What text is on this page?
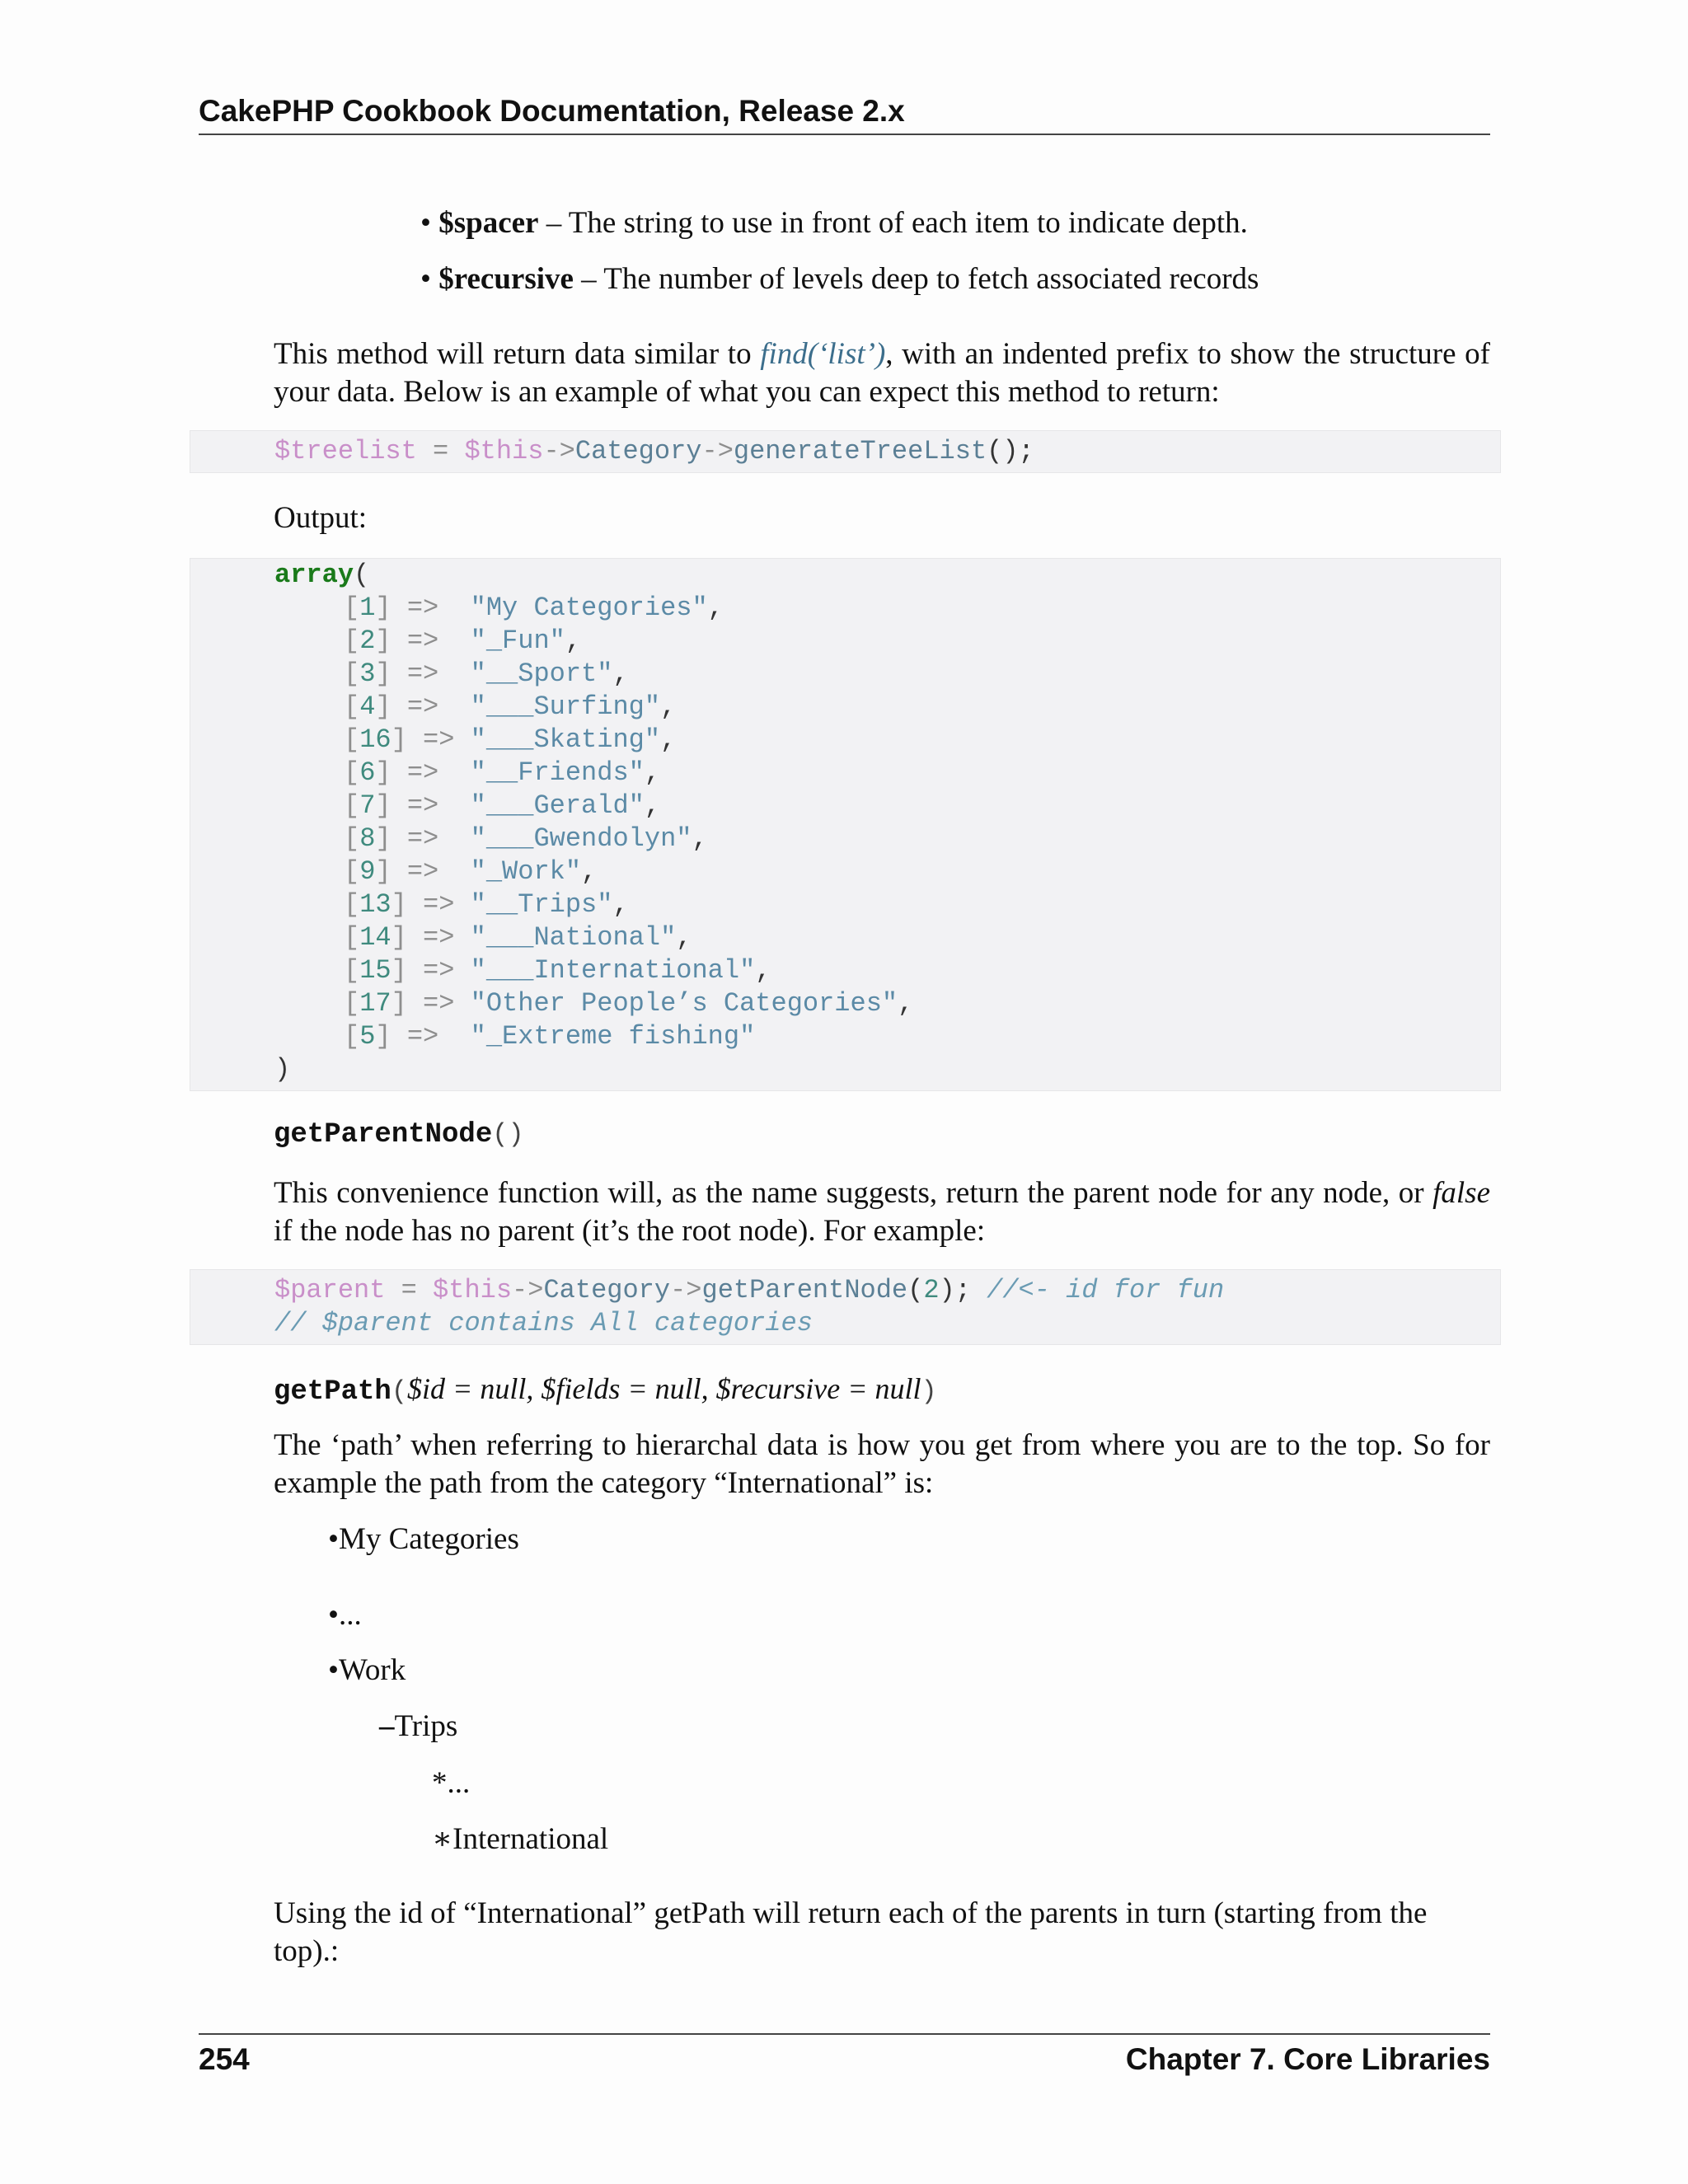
CakePHP Cookbook Documentation, Release 2.x
• $spacer – The string to use in front of each item to indicate depth.
• $recursive – The number of levels deep to fetch associated records
This method will return data similar to find(‘list’), with an indented prefix to show the structure of your data. Below is an example of what you can expect this method to return:
$treelist = $this->Category->generateTreeList();
Output:
array(
[1] =>  "My Categories",
[2] =>  "_Fun",
[3] =>  "__Sport",
[4] =>  "___Surfing",
[16] => "___Skating",
[6] =>  "__Friends",
[7] =>  "___Gerald",
[8] =>  "___Gwendolyn",
[9] =>  "_Work",
[13] => "__Trips",
[14] => "___National",
[15] => "___International",
[17] => "Other People’s Categories",
[5] =>  "_Extreme fishing"
)
getParentNode()
This convenience function will, as the name suggests, return the parent node for any node, or false if the node has no parent (it’s the root node). For example:
$parent = $this->Category->getParentNode(2); //<- id for fun
// $parent contains All categories
getPath($id = null, $fields = null, $recursive = null)
The ‘path’ when referring to hierarchal data is how you get from where you are to the top. So for example the path from the category “International” is:
•My Categories
•...
•Work
–Trips
*...
∗International
Using the id of “International” getPath will return each of the parents in turn (starting from the top).:
254	Chapter 7. Core Libraries
